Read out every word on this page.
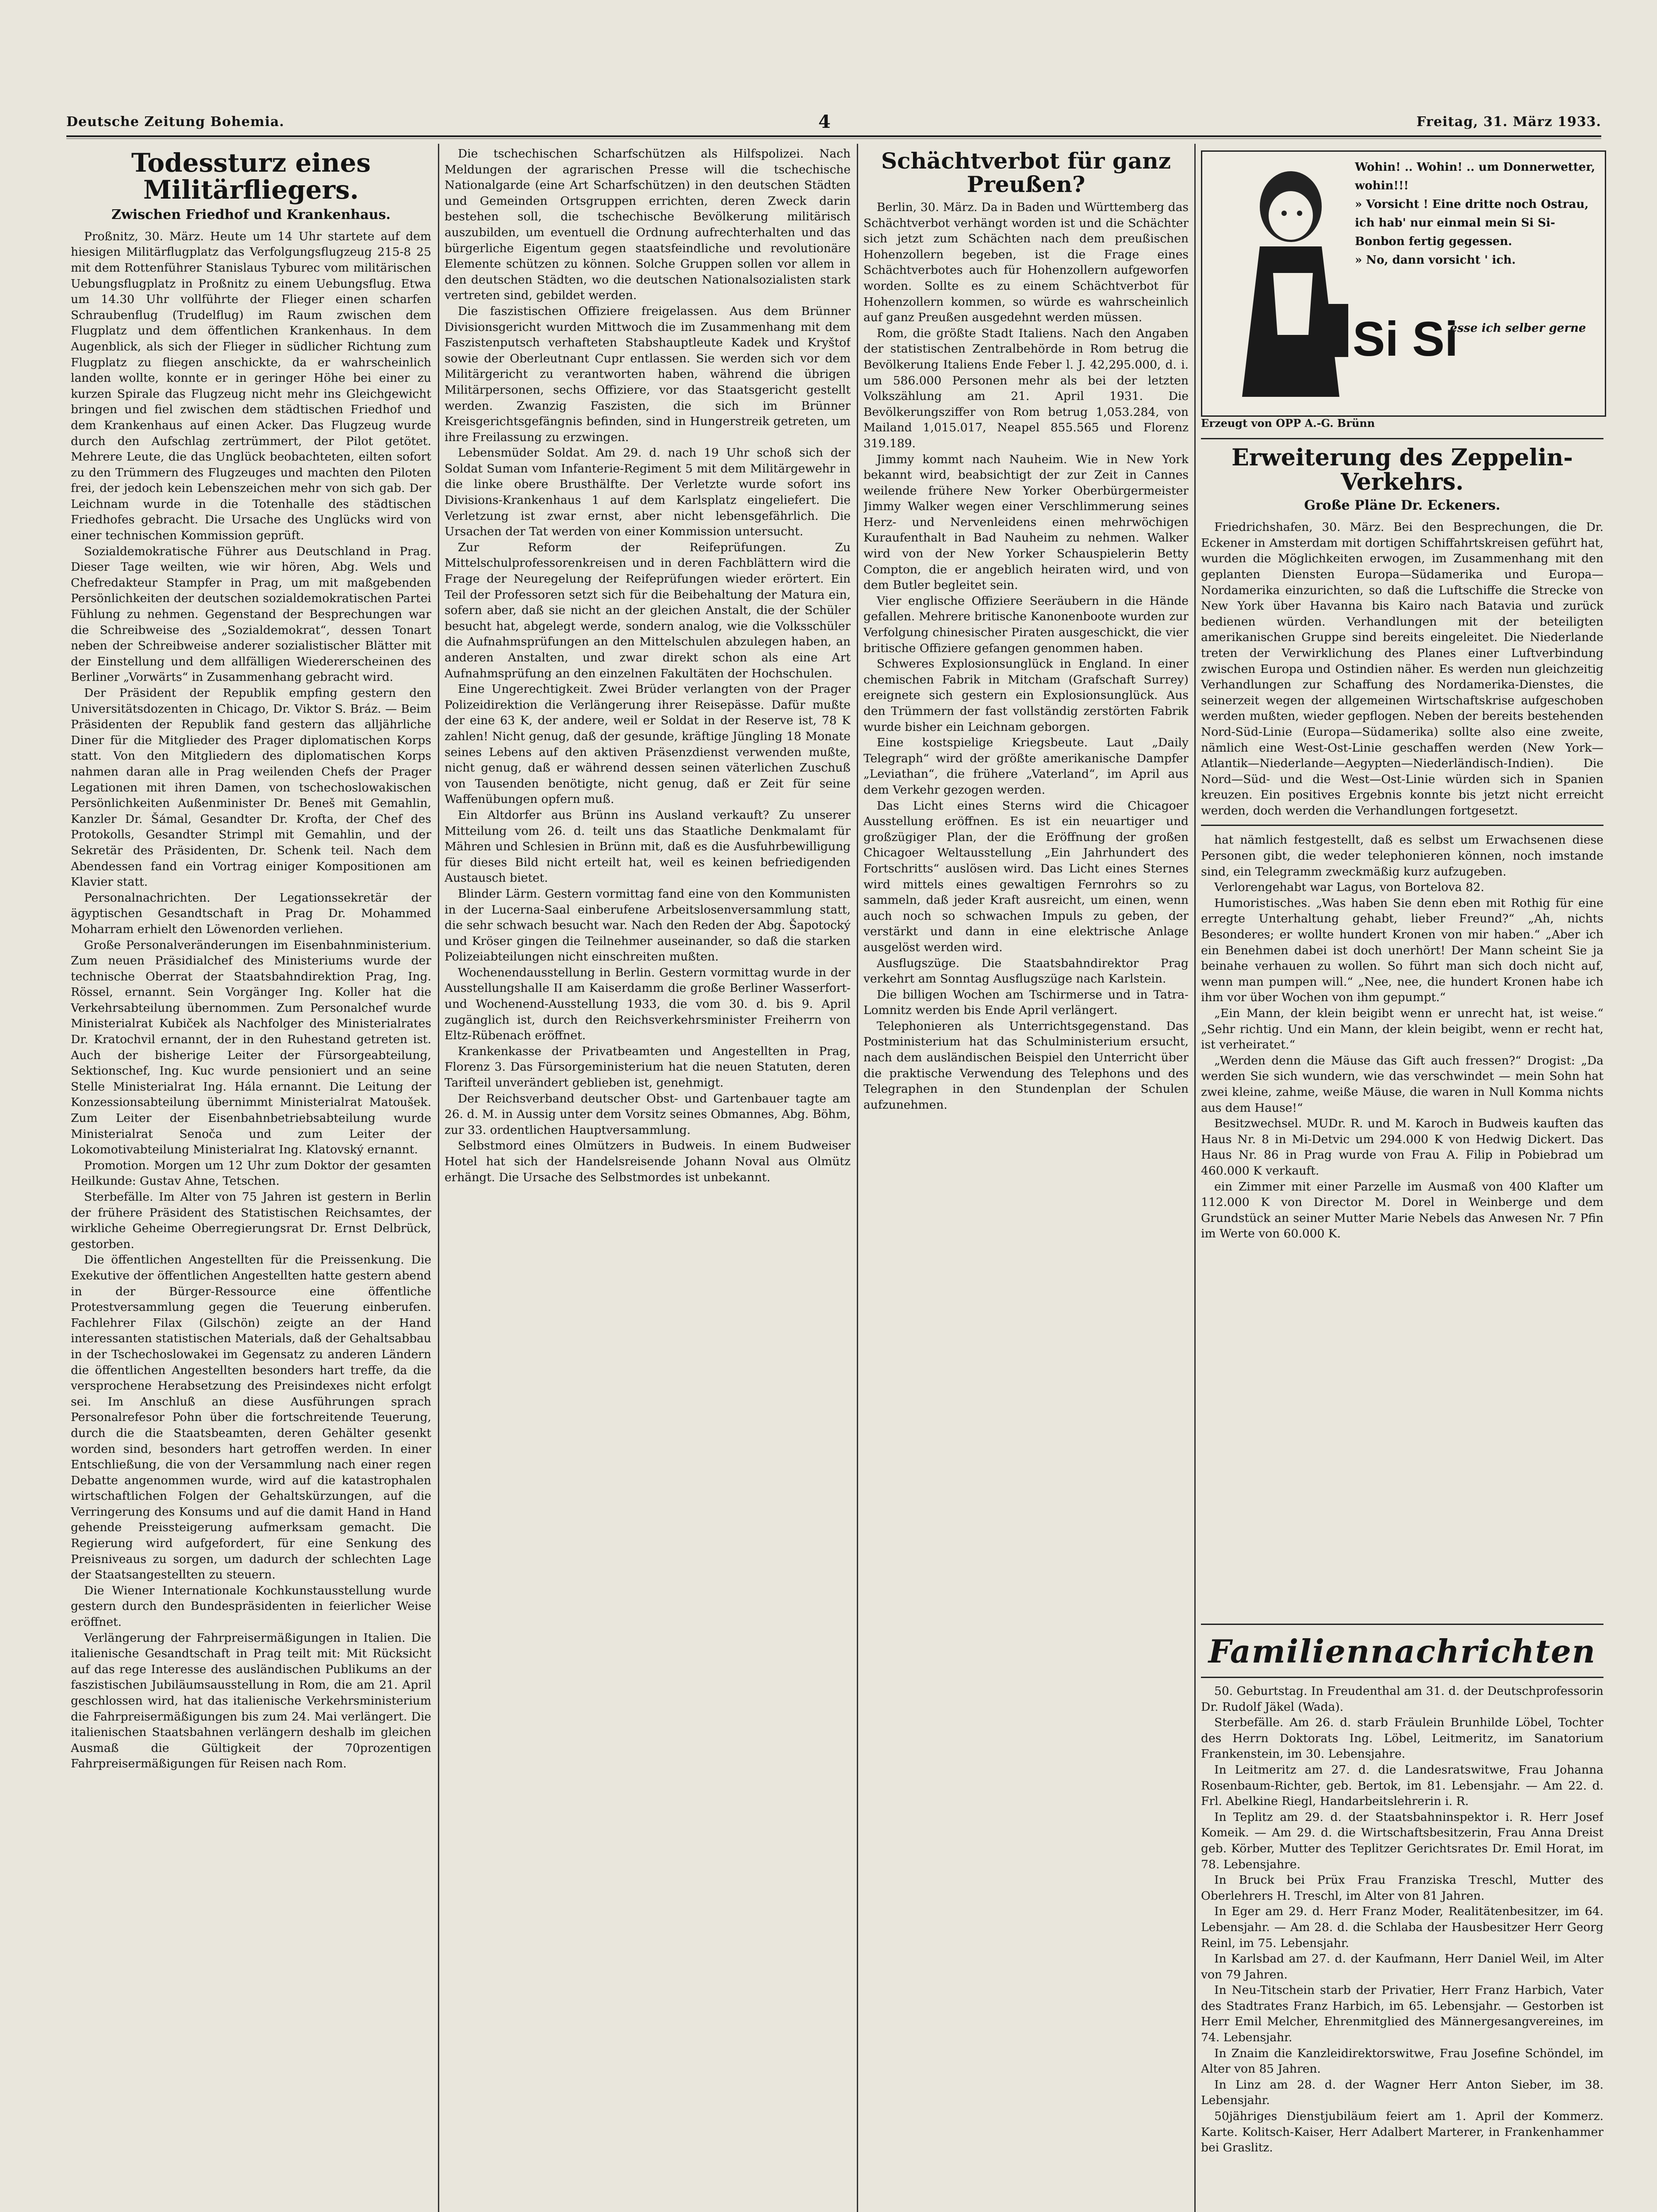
Deutsche Zeitung Bohemia.	4	Freitag, 31. März 1933.
Todessturz eines Militärfliegers.
Zwischen Friedhof und Krankenhaus.

Proßnitz, 30. März. Heute um 14 Uhr startete auf dem hiesigen Militärflugplatz das Verfolgungsflugzeug 215-8 25 mit dem Rottenführer Stanislaus Tyburec vom militärischen Uebungsflugplatz in Proßnitz zu einem Uebungsflug. Etwa um 14.30 Uhr vollführte der Flieger einen scharfen Schraubenflug (Trudelflug) im Raum zwischen dem Flugplatz und dem öffentlichen Krankenhaus. In dem Augenblick, als sich der Flieger in südlicher Richtung zum Flugplatz zu fliegen anschickte, da er wahrscheinlich landen wollte, konnte er in geringer Höhe bei einer zu kurzen Spirale das Flugzeug nicht mehr ins Gleichgewicht bringen und fiel zwischen dem städtischen Friedhof und dem Krankenhaus auf einen Acker. Das Flugzeug wurde durch den Aufschlag zertrümmert, der Pilot getötet. Mehrere Leute, die das Unglück beobachteten, eilten sofort zu den Trümmern des Flugzeuges und machten den Piloten frei, der jedoch kein Lebenszeichen mehr von sich gab. Der Leichnam wurde in die Totenhalle des städtischen Friedhofes gebracht. Die Ursache des Unglücks wird von einer technischen Kommission geprüft.

Sozialdemokratische Führer aus Deutschland in Prag. Dieser Tage weilten, wie wir hören, Abg. Wels und Chefredakteur Stampfer in Prag, um mit maßgebenden Persönlichkeiten der deutschen sozialdemokratischen Partei Fühlung zu nehmen. Gegenstand der Besprechungen war die Schreibweise des „Sozialdemokrat“, dessen Tonart neben der Schreibweise anderer sozialistischer Blätter mit der Einstellung und dem allfälligen Wiedererscheinen des Berliner „Vorwärts“ in Zusammenhang gebracht wird.

Der Präsident der Republik empfing gestern den Universitätsdozenten in Chicago, Dr. Viktor S. Bráz. — Beim Präsidenten der Republik fand gestern das alljährliche Diner für die Mitglieder des Prager diplomatischen Korps statt. Von den Mitgliedern des diplomatischen Korps nahmen daran alle in Prag weilenden Chefs der Prager Legationen mit ihren Damen, von tschechoslowakischen Persönlichkeiten Außenminister Dr. Beneš mit Gemahlin, Kanzler Dr. Šámal, Gesandter Dr. Krofta, der Chef des Protokolls, Gesandter Strimpl mit Gemahlin, und der Sekretär des Präsidenten, Dr. Schenk teil. Nach dem Abendessen fand ein Vortrag einiger Kompositionen am Klavier statt.

Personalnachrichten. Der Legationssekretär der ägyptischen Gesandtschaft in Prag Dr. Mohammed Moharram erhielt den Löwenorden verliehen.

Große Personalveränderungen im Eisenbahnministerium. Zum neuen Präsidialchef des Ministeriums wurde der technische Oberrat der Staatsbahndirektion Prag, Ing. Rössel, ernannt. Sein Vorgänger Ing. Koller hat die Verkehrsabteilung übernommen. Zum Personalchef wurde Ministerialrat Kubiček als Nachfolger des Ministerialrates Dr. Kratochvil ernannt, der in den Ruhestand getreten ist. Auch der bisherige Leiter der Fürsorgeabteilung, Sektionschef, Ing. Kuc wurde pensioniert und an seine Stelle Ministerialrat Ing. Hála ernannt. Die Leitung der Konzessionsabteilung übernimmt Ministerialrat Matoušek. Zum Leiter der Eisenbahnbetriebsabteilung wurde Ministerialrat Senoča und zum Leiter der Lokomotivabteilung Ministerialrat Ing. Klatovský ernannt.

Promotion. Morgen um 12 Uhr zum Doktor der gesamten Heilkunde: Gustav Ahne, Tetschen.

Sterbefälle. Im Alter von 75 Jahren ist gestern in Berlin der frühere Präsident des Statistischen Reichsamtes, der wirkliche Geheime Oberregierungsrat Dr. Ernst Delbrück, gestorben.

Die öffentlichen Angestellten für die Preissenkung. Die Exekutive der öffentlichen Angestellten hatte gestern abend in der Bürger-Ressource eine öffentliche Protestversammlung gegen die Teuerung einberufen. Fachlehrer Filax (Gilschön) zeigte an der Hand interessanten statistischen Materials, daß der Gehaltsabbau in der Tschechoslowakei im Gegensatz zu anderen Ländern die öffentlichen Angestellten besonders hart treffe, da die versprochene Herabsetzung des Preisindexes nicht erfolgt sei. Im Anschluß an diese Ausführungen sprach Personalrefesor Pohn über die fortschreitende Teuerung, durch die die Staatsbeamten, deren Gehälter gesenkt worden sind, besonders hart getroffen werden. In einer Entschließung, die von der Versammlung nach einer regen Debatte angenommen wurde, wird auf die katastrophalen wirtschaftlichen Folgen der Gehaltskürzungen, auf die Verringerung des Konsums und auf die damit Hand in Hand gehende Preissteigerung aufmerksam gemacht. Die Regierung wird aufgefordert, für eine Senkung des Preisniveaus zu sorgen, um dadurch der schlechten Lage der Staatsangestellten zu steuern.

Die Wiener Internationale Kochkunstausstellung wurde gestern durch den Bundespräsidenten in feierlicher Weise eröffnet.

Verlängerung der Fahrpreisermäßigungen in Italien. Die italienische Gesandtschaft in Prag teilt mit: Mit Rücksicht auf das rege Interesse des ausländischen Publikums an der faszistischen Jubiläumsausstellung in Rom, die am 21. April geschlossen wird, hat das italienische Verkehrsministerium die Fahrpreisermäßigungen bis zum 24. Mai verlängert. Die italienischen Staatsbahnen verlängern deshalb im gleichen Ausmaß die Gültigkeit der 70prozentigen Fahrpreisermäßigungen für Reisen nach Rom.

Die tschechischen Scharfschützen als Hilfspolizei. Nach Meldungen der agrarischen Presse will die tschechische Nationalgarde (eine Art Scharfschützen) in den deutschen Städten und Gemeinden Ortsgruppen errichten, deren Zweck darin bestehen soll, die tschechische Bevölkerung militärisch auszubilden, um eventuell die Ordnung aufrechterhalten und das bürgerliche Eigentum gegen staatsfeindliche und revolutionäre Elemente schützen zu können. Solche Gruppen sollen vor allem in den deutschen Städten, wo die deutschen Nationalsozialisten stark vertreten sind, gebildet werden.

Die faszistischen Offiziere freigelassen. Aus dem Brünner Divisionsgericht wurden Mittwoch die im Zusammenhang mit dem Faszistenputsch verhafteten Stabshauptleute Kadek und Kryštof sowie der Oberleutnant Cupr entlassen. Sie werden sich vor dem Militärgericht zu verantworten haben, während die übrigen Militärpersonen, sechs Offiziere, vor das Staatsgericht gestellt werden. Zwanzig Faszisten, die sich im Brünner Kreisgerichtsgefängnis befinden, sind in Hungerstreik getreten, um ihre Freilassung zu erzwingen.

Lebensmüder Soldat. Am 29. d. nach 19 Uhr schoß sich der Soldat Suman vom Infanterie-Regiment 5 mit dem Militärgewehr in die linke obere Brusthälfte. Der Verletzte wurde sofort ins Divisions-Krankenhaus 1 auf dem Karlsplatz eingeliefert. Die Verletzung ist zwar ernst, aber nicht lebensgefährlich. Die Ursachen der Tat werden von einer Kommission untersucht.

Zur Reform der Reifeprüfungen. Zu Mittelschulprofessorenkreisen und in deren Fachblättern wird die Frage der Neuregelung der Reifeprüfungen wieder erörtert. Ein Teil der Professoren setzt sich für die Beibehaltung der Matura ein, sofern aber, daß sie nicht an der gleichen Anstalt, die der Schüler besucht hat, abgelegt werde, sondern analog, wie die Volksschüler die Aufnahmsprüfungen an den Mittelschulen abzulegen haben, an anderen Anstalten, und zwar direkt schon als eine Art Aufnahmsprüfung an den einzelnen Fakultäten der Hochschulen.

Eine Ungerechtigkeit. Zwei Brüder verlangten von der Prager Polizeidirektion die Verlängerung ihrer Reisepässe. Dafür mußte der eine 63 K, der andere, weil er Soldat in der Reserve ist, 78 K zahlen! Nicht genug, daß der gesunde, kräftige Jüngling 18 Monate seines Lebens auf den aktiven Präsenzdienst verwenden mußte, nicht genug, daß er während dessen seinen väterlichen Zuschuß von Tausenden benötigte, nicht genug, daß er Zeit für seine Waffenübungen opfern muß.

Ein Altdorfer aus Brünn ins Ausland verkauft? Zu unserer Mitteilung vom 26. d. teilt uns das Staatliche Denkmalamt für Mähren und Schlesien in Brünn mit, daß es die Ausfuhrbewilligung für dieses Bild nicht erteilt hat, weil es keinen befriedigenden Austausch bietet.

Blinder Lärm. Gestern vormittag fand eine von den Kommunisten in der Lucerna-Saal einberufene Arbeitslosenversammlung statt, die sehr schwach besucht war. Nach den Reden der Abg. Šapotocký und Kröser gingen die Teilnehmer auseinander, so daß die starken Polizeiabteilungen nicht einschreiten mußten.

Wochenendausstellung in Berlin. Gestern vormittag wurde in der Ausstellungshalle II am Kaiserdamm die große Berliner Wasserfort- und Wochenend-Ausstellung 1933, die vom 30. d. bis 9. April zugänglich ist, durch den Reichsverkehrsminister Freiherrn von Eltz-Rübenach eröffnet.

Krankenkasse der Privatbeamten und Angestellten in Prag, Florenz 3. Das Fürsorgeministerium hat die neuen Statuten, deren Tarifteil unverändert geblieben ist, genehmigt.

Der Reichsverband deutscher Obst- und Gartenbauer tagte am 26. d. M. in Aussig unter dem Vorsitz seines Obmannes, Abg. Böhm, zur 33. ordentlichen Hauptversammlung.

Selbstmord eines Olmützers in Budweis. In einem Budweiser Hotel hat sich der Handelsreisende Johann Noval aus Olmütz erhängt. Die Ursache des Selbstmordes ist unbekannt.

Schächtverbot für ganz Preußen?

Berlin, 30. März. Da in Baden und Württemberg das Schächtverbot verhängt worden ist und die Schächter sich jetzt zum Schächten nach dem preußischen Hohenzollern begeben, ist die Frage eines Schächtverbotes auch für Hohenzollern aufgeworfen worden. Sollte es zu einem Schächtverbot für Hohenzollern kommen, so würde es wahrscheinlich auf ganz Preußen ausgedehnt werden müssen.

Rom, die größte Stadt Italiens. Nach den Angaben der statistischen Zentralbehörde in Rom betrug die Bevölkerung Italiens Ende Feber l. J. 42,295.000, d. i. um 586.000 Personen mehr als bei der letzten Volkszählung am 21. April 1931. Die Bevölkerungsziffer von Rom betrug 1,053.284, von Mailand 1,015.017, Neapel 855.565 und Florenz 319.189.

Jimmy kommt nach Nauheim. Wie in New York bekannt wird, beabsichtigt der zur Zeit in Cannes weilende frühere New Yorker Oberbürgermeister Jimmy Walker wegen einer Verschlimmerung seines Herz- und Nervenleidens einen mehrwöchigen Kuraufenthalt in Bad Nauheim zu nehmen. Walker wird von der New Yorker Schauspielerin Betty Compton, die er angeblich heiraten wird, und von dem Butler begleitet sein.

Vier englische Offiziere Seeräubern in die Hände gefallen. Mehrere britische Kanonenboote wurden zur Verfolgung chinesischer Piraten ausgeschickt, die vier britische Offiziere gefangen genommen haben.

Schweres Explosionsunglück in England. In einer chemischen Fabrik in Mitcham (Grafschaft Surrey) ereignete sich gestern ein Explosionsunglück. Aus den Trümmern der fast vollständig zerstörten Fabrik wurde bisher ein Leichnam geborgen.

Eine kostspielige Kriegsbeute. Laut „Daily Telegraph“ wird der größte amerikanische Dampfer „Leviathan“, die frühere „Vaterland“, im April aus dem Verkehr gezogen werden.

Das Licht eines Sterns wird die Chicagoer Ausstellung eröffnen. Es ist ein neuartiger und großzügiger Plan, der die Eröffnung der großen Chicagoer Weltausstellung „Ein Jahrhundert des Fortschritts“ auslösen wird. Das Licht eines Sternes wird mittels eines gewaltigen Fernrohrs so zu sammeln, daß jeder Kraft ausreicht, um einen, wenn auch noch so schwachen Impuls zu geben, der verstärkt und dann in eine elektrische Anlage ausgelöst werden wird.

Ausflugszüge. Die Staatsbahndirektor Prag verkehrt am Sonntag Ausflugszüge nach Karlstein.

Die billigen Wochen am Tschirmerse und in Tatra-Lomnitz werden bis Ende April verlängert.

Telephonieren als Unterrichtsgegenstand. Das Postministerium hat das Schulministerium ersucht, nach dem ausländischen Beispiel den Unterricht über die praktische Verwendung des Telephons und des Telegraphen in den Stundenplan der Schulen aufzunehmen.

Wohin! .. Wohin! .. um Donnerwetter, wohin!!!
» Vorsicht ! Eine dritte noch Ostrau, ich hab' nur einmal mein Si Si-Bonbon fertig gegessen.
» No, dann vorsicht ' ich.
Si Si
esse ich selber gerne
Erzeugt von OPP A.-G. Brünn
Erweiterung des Zeppelin-Verkehrs.
Große Pläne Dr. Eckeners.

Friedrichshafen, 30. März. Bei den Besprechungen, die Dr. Eckener in Amsterdam mit dortigen Schiffahrtskreisen geführt hat, wurden die Möglichkeiten erwogen, im Zusammenhang mit den geplanten Diensten Europa—Südamerika und Europa—Nordamerika einzurichten, so daß die Luftschiffe die Strecke von New York über Havanna bis Kairo nach Batavia und zurück bedienen würden. Verhandlungen mit der beteiligten amerikanischen Gruppe sind bereits eingeleitet. Die Niederlande treten der Verwirklichung des Planes einer Luftverbindung zwischen Europa und Ostindien näher. Es werden nun gleichzeitig Verhandlungen zur Schaffung des Nordamerika-Dienstes, die seinerzeit wegen der allgemeinen Wirtschaftskrise aufgeschoben werden mußten, wieder gepflogen. Neben der bereits bestehenden Nord-Süd-Linie (Europa—Südamerika) sollte also eine zweite, nämlich eine West-Ost-Linie geschaffen werden (New York—Atlantik—Niederlande—Aegypten—Niederländisch-Indien). Die Nord—Süd- und die West—Ost-Linie würden sich in Spanien kreuzen. Ein positives Ergebnis konnte bis jetzt nicht erreicht werden, doch werden die Verhandlungen fortgesetzt.

hat nämlich festgestellt, daß es selbst um Erwachsenen diese Personen gibt, die weder telephonieren können, noch imstande sind, ein Telegramm zweckmäßig kurz aufzugeben.

Verlorengehabt war Lagus, von Bortelova 82.

Humoristisches. „Was haben Sie denn eben mit Rothig für eine erregte Unterhaltung gehabt, lieber Freund?“ „Ah, nichts Besonderes; er wollte hundert Kronen von mir haben.“ „Aber ich ein Benehmen dabei ist doch unerhört! Der Mann scheint Sie ja beinahe verhauen zu wollen. So führt man sich doch nicht auf, wenn man pumpen will.“ „Nee, nee, die hundert Kronen habe ich ihm vor über Wochen von ihm gepumpt.“

„Ein Mann, der klein beigibt wenn er unrecht hat, ist weise.“ „Sehr richtig. Und ein Mann, der klein beigibt, wenn er recht hat, ist verheiratet.“

„Werden denn die Mäuse das Gift auch fressen?“ Drogist: „Da werden Sie sich wundern, wie das verschwindet — mein Sohn hat zwei kleine, zahme, weiße Mäuse, die waren in Null Komma nichts aus dem Hause!“

Besitzwechsel. MUDr. R. und M. Karoch in Budweis kauften das Haus Nr. 8 in Mi-Detvic um 294.000 K von Hedwig Dickert. Das Haus Nr. 86 in Prag wurde von Frau A. Filip in Pobiebrad um 460.000 K verkauft.

ein Zimmer mit einer Parzelle im Ausmaß von 400 Klafter um 112.000 K von Director M. Dorel in Weinberge und dem Grundstück an seiner Mutter Marie Nebels das Anwesen Nr. 7 Pfin im Werte von 60.000 K.

Familiennachrichten

50. Geburtstag. In Freudenthal am 31. d. der Deutschprofessorin Dr. Rudolf Jäkel (Wada).

Sterbefälle. Am 26. d. starb Fräulein Brunhilde Löbel, Tochter des Herrn Doktorats Ing. Löbel, Leitmeritz, im Sanatorium Frankenstein, im 30. Lebensjahre.

In Leitmeritz am 27. d. die Landesratswitwe, Frau Johanna Rosenbaum-Richter, geb. Bertok, im 81. Lebensjahr. — Am 22. d. Frl. Abelkine Riegl, Handarbeitslehrerin i. R.

In Teplitz am 29. d. der Staatsbahninspektor i. R. Herr Josef Komeik. — Am 29. d. die Wirtschaftsbesitzerin, Frau Anna Dreist geb. Körber, Mutter des Teplitzer Gerichtsrates Dr. Emil Horat, im 78. Lebensjahre.

In Bruck bei Prüx Frau Franziska Treschl, Mutter des Oberlehrers H. Treschl, im Alter von 81 Jahren.

In Eger am 29. d. Herr Franz Moder, Realitätenbesitzer, im 64. Lebensjahr. — Am 28. d. die Schlaba der Hausbesitzer Herr Georg Reinl, im 75. Lebensjahr.

In Karlsbad am 27. d. der Kaufmann, Herr Daniel Weil, im Alter von 79 Jahren.

In Neu-Titschein starb der Privatier, Herr Franz Harbich, Vater des Stadtrates Franz Harbich, im 65. Lebensjahr. — Gestorben ist Herr Emil Melcher, Ehrenmitglied des Männergesangvereines, im 74. Lebensjahr.

In Znaim die Kanzleidirektorswitwe, Frau Josefine Schöndel, im Alter von 85 Jahren.

In Linz am 28. d. der Wagner Herr Anton Sieber, im 38. Lebensjahr.

50jähriges Dienstjubiläum feiert am 1. April der Kommerz. Karte. Kolitsch-Kaiser, Herr Adalbert Marterer, in Frankenhammer bei Graslitz.
